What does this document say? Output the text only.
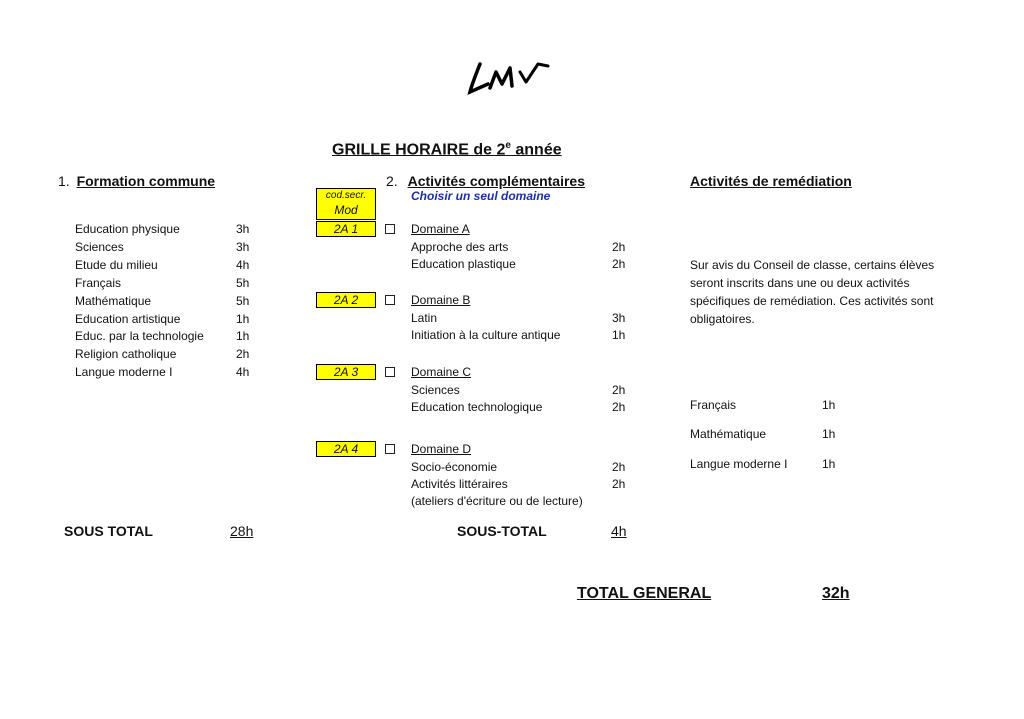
GRILLE HORAIRE de 2e année
1. Formation commune
Education physique	3h
Sciences	3h
Etude du milieu	4h
Français	5h
Mathématique	5h
Education artistique	1h
Educ. par la technologie	1h
Religion catholique	2h
Langue moderne I	4h
SOUS TOTAL	28h
cod.secr.
Mod
2. Activités complémentaires
Choisir un seul domaine
2A 1	Domaine A
Approche des arts	2h
Education plastique	2h
2A 2	Domaine B
Latin	3h
Initiation à la culture antique	1h
2A 3	Domaine C
Sciences	2h
Education technologique	2h
2A 4	Domaine D
Socio-économie	2h
Activités littéraires	2h
(ateliers d'écriture ou de lecture)
SOUS-TOTAL	4h
Activités de remédiation
Sur avis du Conseil de classe, certains élèves
seront inscrits dans une ou deux activités
spécifiques de remédiation. Ces activités sont
obligatoires.
Français	1h
Mathématique	1h
Langue moderne I	1h
TOTAL GENERAL	32h
